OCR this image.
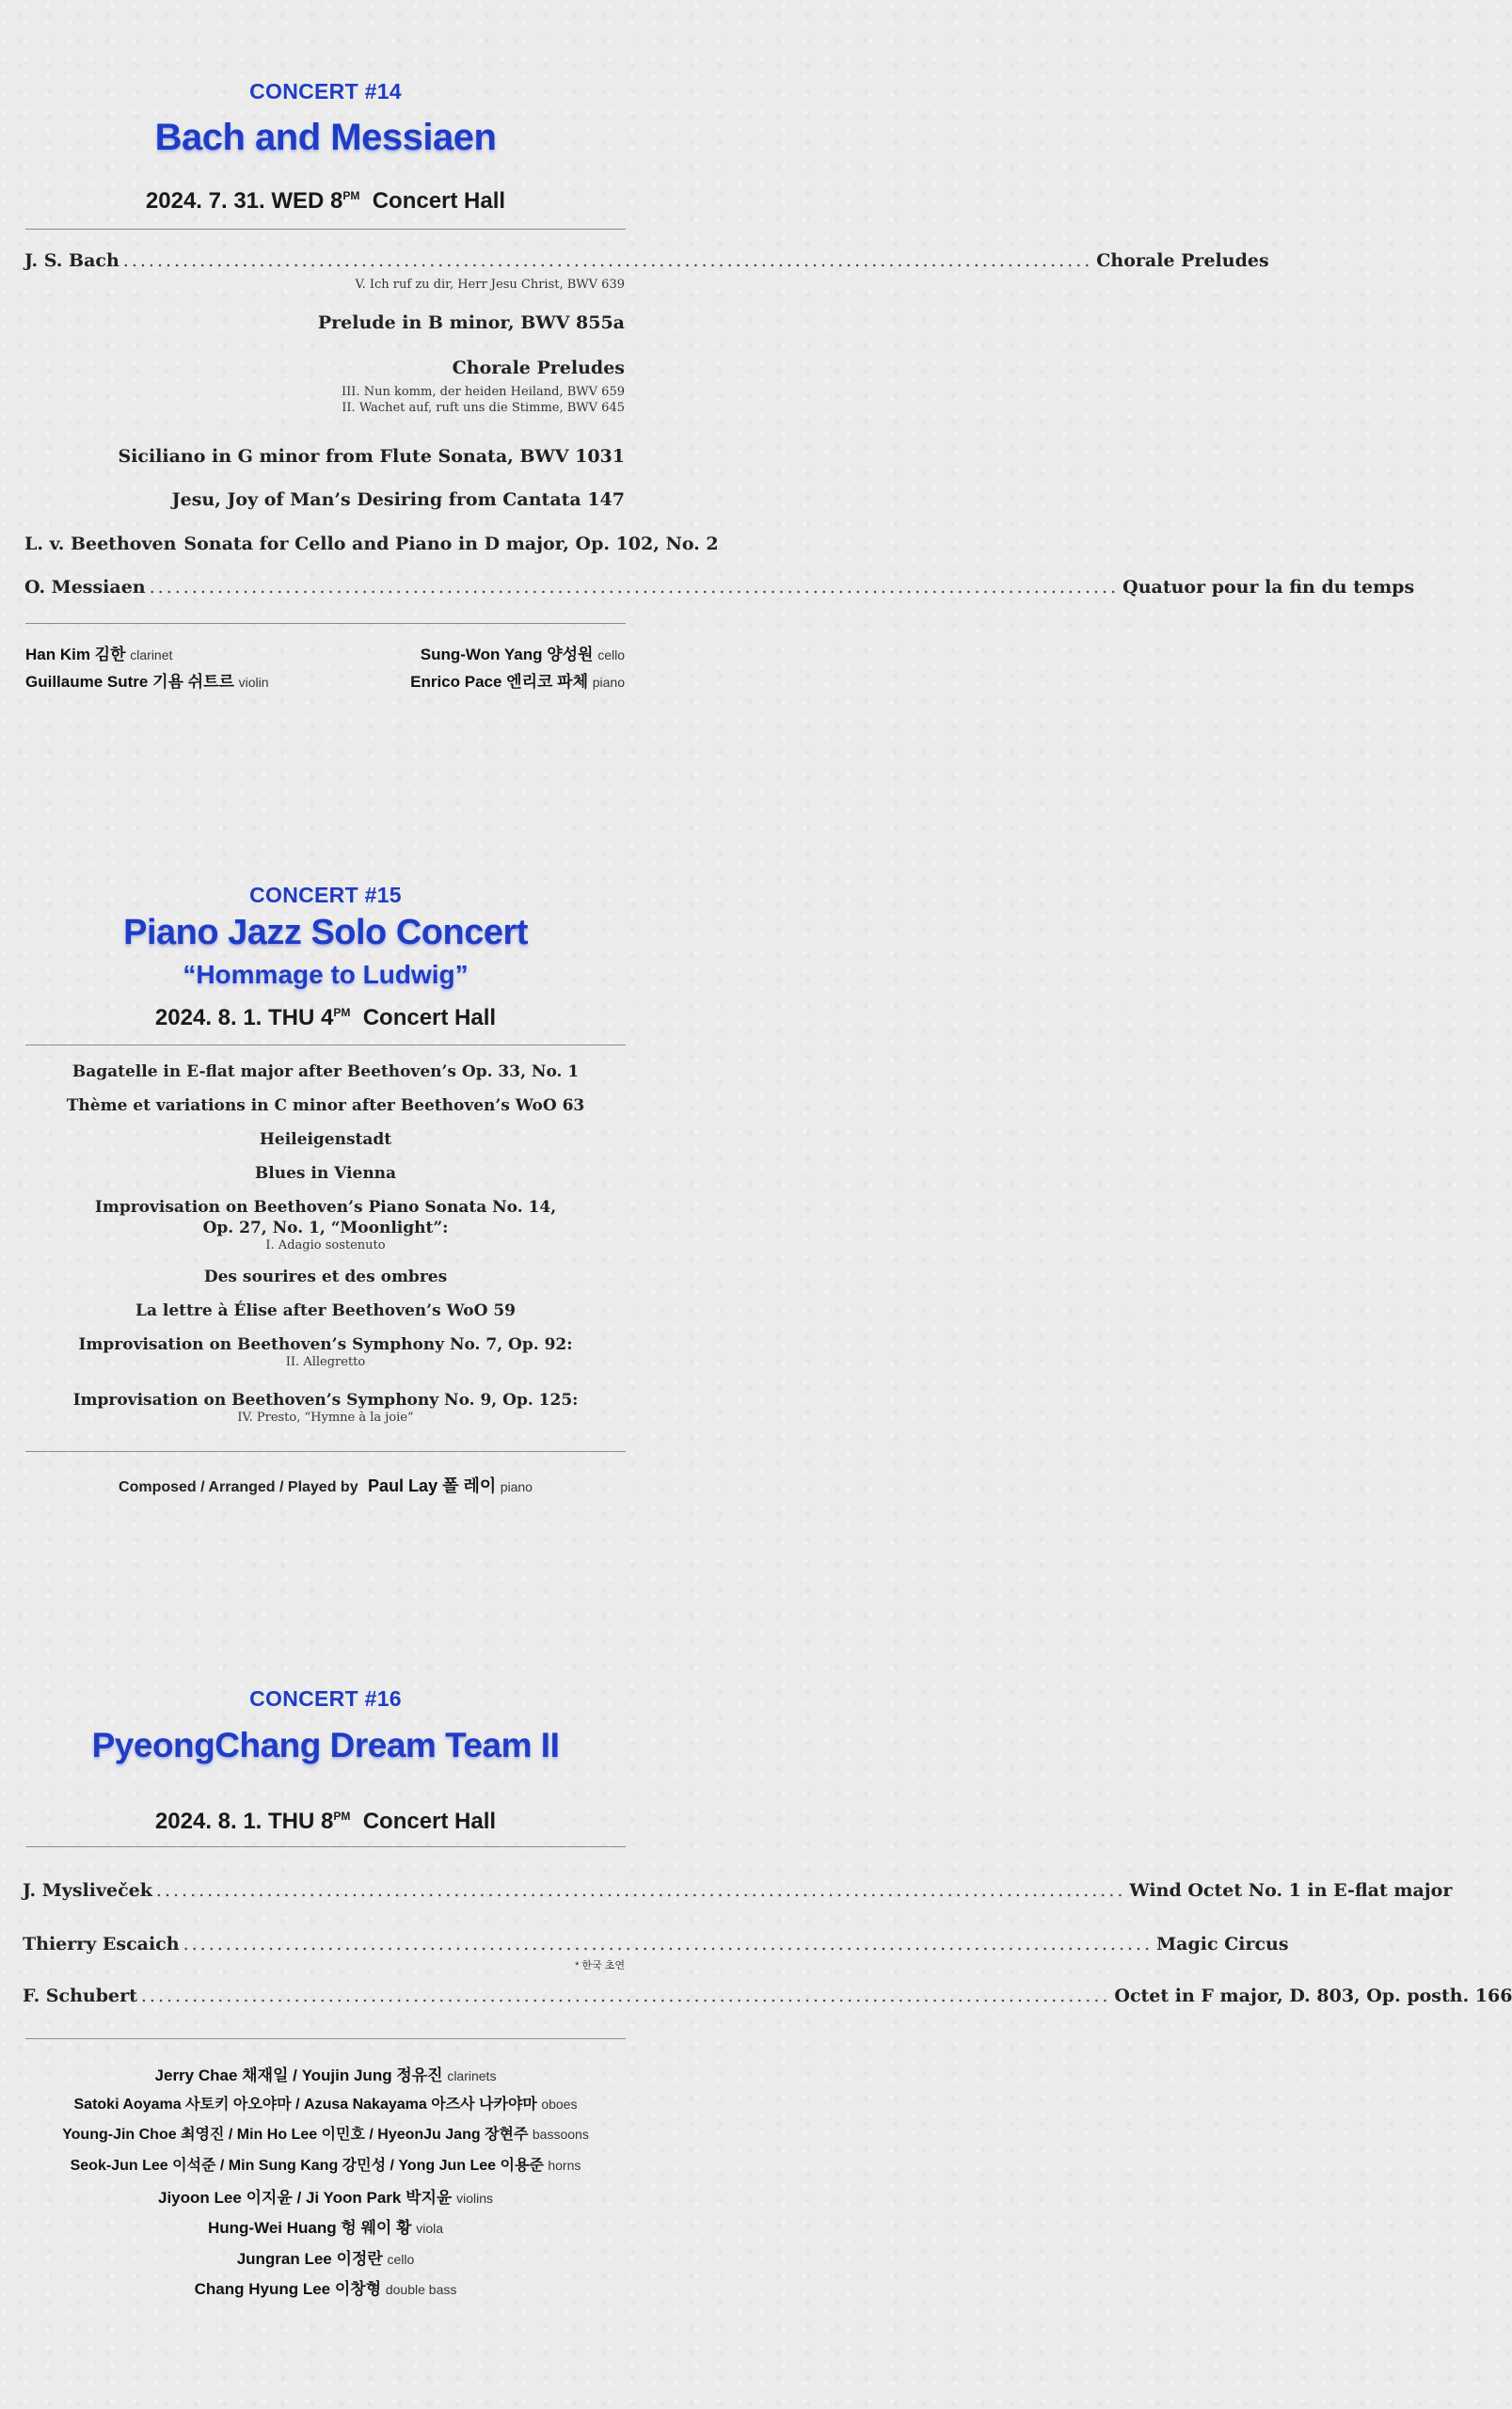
CONCERT #14
Bach and Messiaen
2024. 7. 31. WED $8^{PM}$ Concert Hall
J. S. Bach .................................................................................................................. Chorale Preludes
V. Ich ruf zu dir, Herr Jesu Christ, BWV 639
Prelude in B minor, BWV 855a
Chorale Preludes
III. Nun komm, der heiden Heiland, BWV 659
II. Wachet auf, ruft uns die Stimme, BWV 645
Siciliano in G minor from Flute Sonata, BWV 1031
Jesu, Joy of Man’s Desiring from Cantata 147
L. v. Beethoven Sonata for Cello and Piano in D major, Op. 102, No. 2
O. Messiaen .................................................................................................................. Quatuor pour la fin du temps
Han Kim 김한 clarinet	Sung-Won Yang 양성원 cello
Guillaume Sutre 기욤 쉬트르 violin	Enrico Pace 엔리코 파체 piano
CONCERT #15
Piano Jazz Solo Concert
“Hommage to Ludwig”
2024. 8. 1. THU $4^{PM}$ Concert Hall
Bagatelle in E-flat major after Beethoven’s Op. 33, No. 1
Thème et variations in C minor after Beethoven’s WoO 63
Heileigenstadt
Blues in Vienna
Improvisation on Beethoven’s Piano Sonata No. 14,
Op. 27, No. 1, “Moonlight”:
I. Adagio sostenuto
Des sourires et des ombres
La lettre à Élise after Beethoven’s WoO 59
Improvisation on Beethoven’s Symphony No. 7, Op. 92:
II. Allegretto
Improvisation on Beethoven’s Symphony No. 9, Op. 125:
IV. Presto, “Hymne à la joie”
Composed / Arranged / Played by Paul Lay 폴 레이 piano
CONCERT #16
PyeongChang Dream Team II
2024. 8. 1. THU $8^{PM}$ Concert Hall
J. Mysliveček .................................................................................................................. Wind Octet No. 1 in E-flat major
Thierry Escaich .................................................................................................................. Magic Circus
* 한국 초연
F. Schubert .................................................................................................................. Octet in F major, D. 803, Op. posth. 166
Jerry Chae 채재일 / Youjin Jung 정유진 clarinets
Satoki Aoyama 사토키 아오야마 / Azusa Nakayama 아즈사 나카야마 oboes
Young-Jin Choe 최영진 / Min Ho Lee 이민호 / HyeonJu Jang 장현주 bassoons
Seok-Jun Lee 이석준 / Min Sung Kang 강민성 / Yong Jun Lee 이용준 horns
Jiyoon Lee 이지윤 / Ji Yoon Park 박지윤 violins
Hung-Wei Huang 헝 웨이 황 viola
Jungran Lee 이정란 cello
Chang Hyung Lee 이창형 double bass
